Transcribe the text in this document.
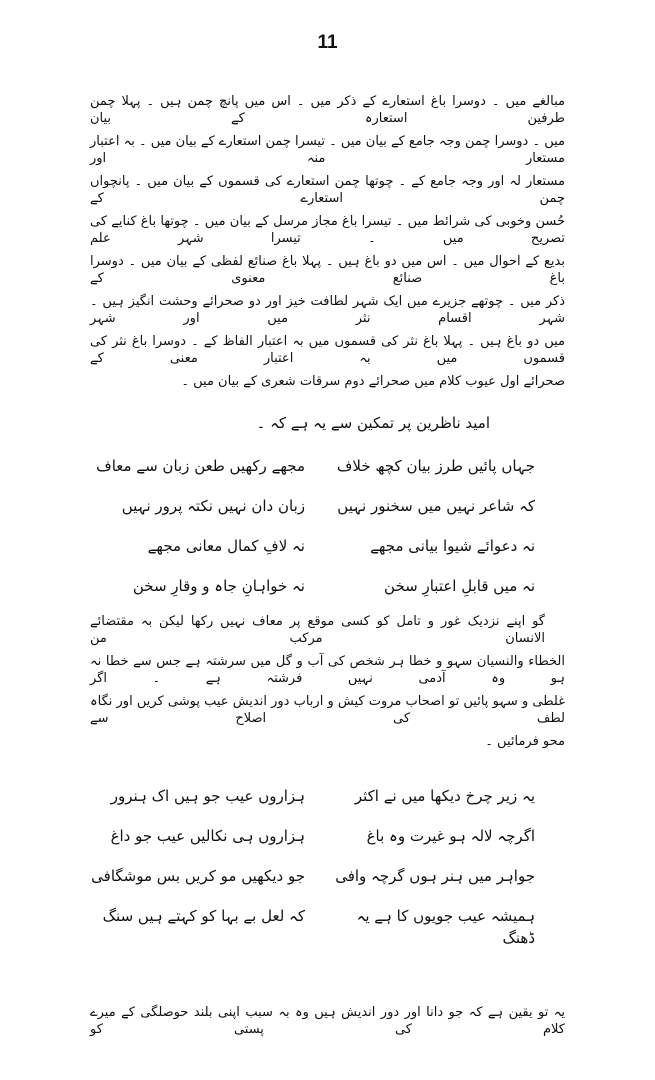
11
مبالغے میں ۔ دوسرا باغ استعارے کے ذکر میں ۔ اس میں پانچ چمن ہیں ۔ پہلا چمن طرفین استعارہ کے بیان
میں ۔ دوسرا چمن وجہ جامع کے بیان میں ۔ تیسرا چمن استعارے کے بیان میں ۔ بہ اعتبار مستعار منہ اور
مستعار لہ اور وجہ جامع کے ۔ چوتھا چمن استعارے کی قسموں کے بیان میں ۔ پانچواں چمن استعارے کے
حُسن وخوبی کی شرائط میں ۔ تیسرا باغ مجاز مرسل کے بیان میں ۔ چوتھا باغ کنایے کی تصریح میں ۔ تیسرا شہر علم
بدیع کے احوال میں ۔ اس میں دو باغ ہیں ۔ پہلا باغ صنائع لفظی کے بیان میں ۔ دوسرا باغ صنائع معنوی کے
ذکر میں ۔ چوتھے جزیرے میں ایک شہر لطافت خیز اور دو صحرائے وحشت انگیز ہیں ۔ شہر اقسام نثر میں اور شہر
میں دو باغ ہیں ۔ پہلا باغ نثر کی قسموں میں بہ اعتبار الفاظ کے ۔ دوسرا باغ نثر کی قسموں میں بہ اعتبار معنی کے
صحرائے اول عیوب کلام میں صحرائے دوم سرقات شعری کے بیان میں ۔
امید ناظرین پر تمکین سے یہ ہے کہ ۔
جہاں پائیں طرز بیان کچھ خلاف
مجھے رکھیں طعن زبان سے معاف
کہ شاعر نہیں میں سخنور نہیں
زبان دان نہیں نکتہ پرور نہیں
نہ دعوائے شیوا بیانی مجھے
نہ لافِ کمال معانی مجھے
نہ میں قابلِ اعتبارِ سخن
نہ خواہانِ جاہ و وقارِ سخن
گو اپنے نزدیک غور و تامل کو کسی موقع پر معاف نہیں رکھا لیکن بہ مقتضائے الانسان مرکب من
الخطاء والنسیان سہو و خطا ہر شخص کی آب و گل میں سرشتہ ہے جس سے خطا نہ ہو وہ آدمی نہیں فرشتہ ہے ۔ اگر
غلطی و سہو پائیں تو اصحاب مروت کیش و ارباب دور اندیش عیب پوشی کریں اور نگاہ لطف کی اصلاح سے
محو فرمائیں ۔
یہ زیر چرخ دیکھا میں نے اکثر
ہزاروں عیب جو ہیں اک ہنرور
اگرچہ لالہ ہو غیرت وہ باغ
ہزاروں ہی نکالیں عیب جو داغ
جواہر میں ہنر ہوں گرچہ وافی
جو دیکھیں مو کریں بس موشگافی
ہمیشہ عیب جویوں کا ہے یہ ڈھنگ
کہ لعل بے بہا کو کہتے ہیں سنگ
یہ تو یقین ہے کہ جو دانا اور دور اندیش ہیں وہ بہ سبب اپنی بلند حوصلگی کے میرے کلام کی پستی کو
